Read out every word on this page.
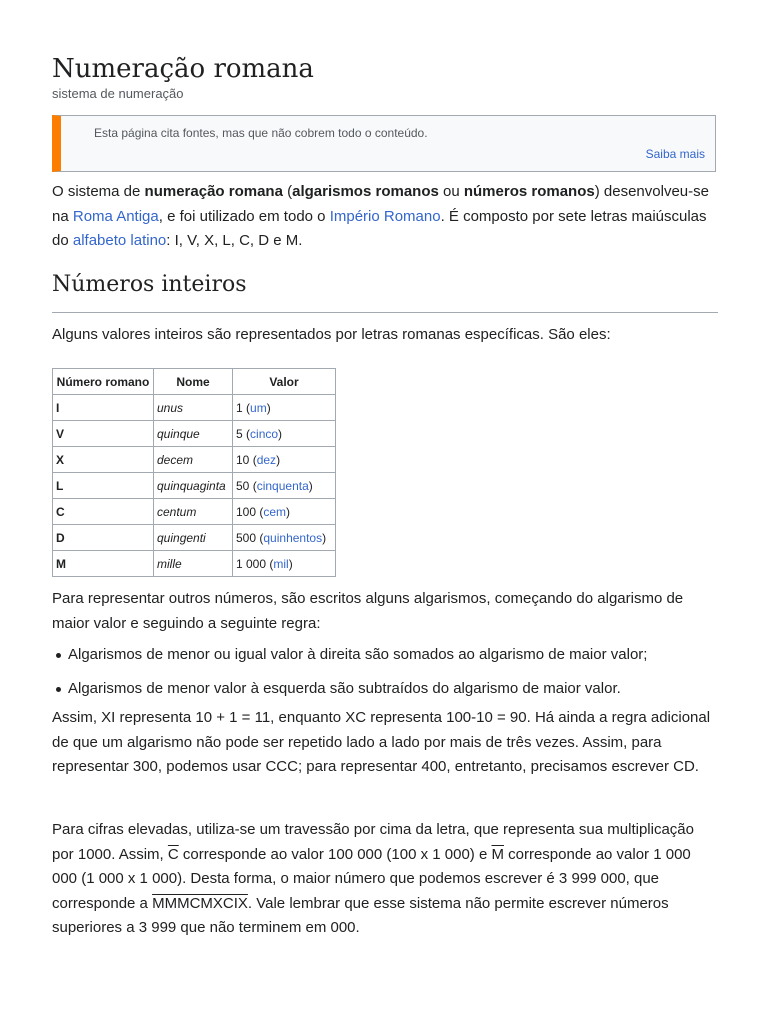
Numeração romana
sistema de numeração
Esta página cita fontes, mas que não cobrem todo o conteúdo.
Saiba mais

O sistema de numeração romana (algarismos romanos ou números romanos) desenvolveu-se na Roma Antiga, e foi utilizado em todo o Império Romano. É composto por sete letras maiúsculas do alfabeto latino: I, V, X, L, C, D e M.

Números inteiros

Alguns valores inteiros são representados por letras romanas específicas. São eles:

Número romano	Nome	Valor
I	unus	1 (um)
V	quinque	5 (cinco)
X	decem	10 (dez)
L	quinquaginta	50 (cinquenta)
C	centum	100 (cem)
D	quingenti	500 (quinhentos)
M	mille	1 000 (mil)

Para representar outros números, são escritos alguns algarismos, começando do algarismo de maior valor e seguindo a seguinte regra:

Algarismos de menor ou igual valor à direita são somados ao algarismo de maior valor;
Algarismos de menor valor à esquerda são subtraídos do algarismo de maior valor.

Assim, XI representa 10 + 1 = 11, enquanto XC representa 100-10 = 90. Há ainda a regra adicional de que um algarismo não pode ser repetido lado a lado por mais de três vezes. Assim, para representar 300, podemos usar CCC; para representar 400, entretanto, precisamos escrever CD.

Para cifras elevadas, utiliza-se um travessão por cima da letra, que representa sua multiplicação por 1000. Assim, $\overline{C}$ corresponde ao valor 100 000 (100 x 1 000) e $\overline{M}$ corresponde ao valor 1 000 000 (1 000 x 1 000). Desta forma, o maior número que podemos escrever é 3 999 000, que corresponde a MMMCMXCIX. Vale lembrar que esse sistema não permite escrever números superiores a 3 999 que não terminem em 000.
